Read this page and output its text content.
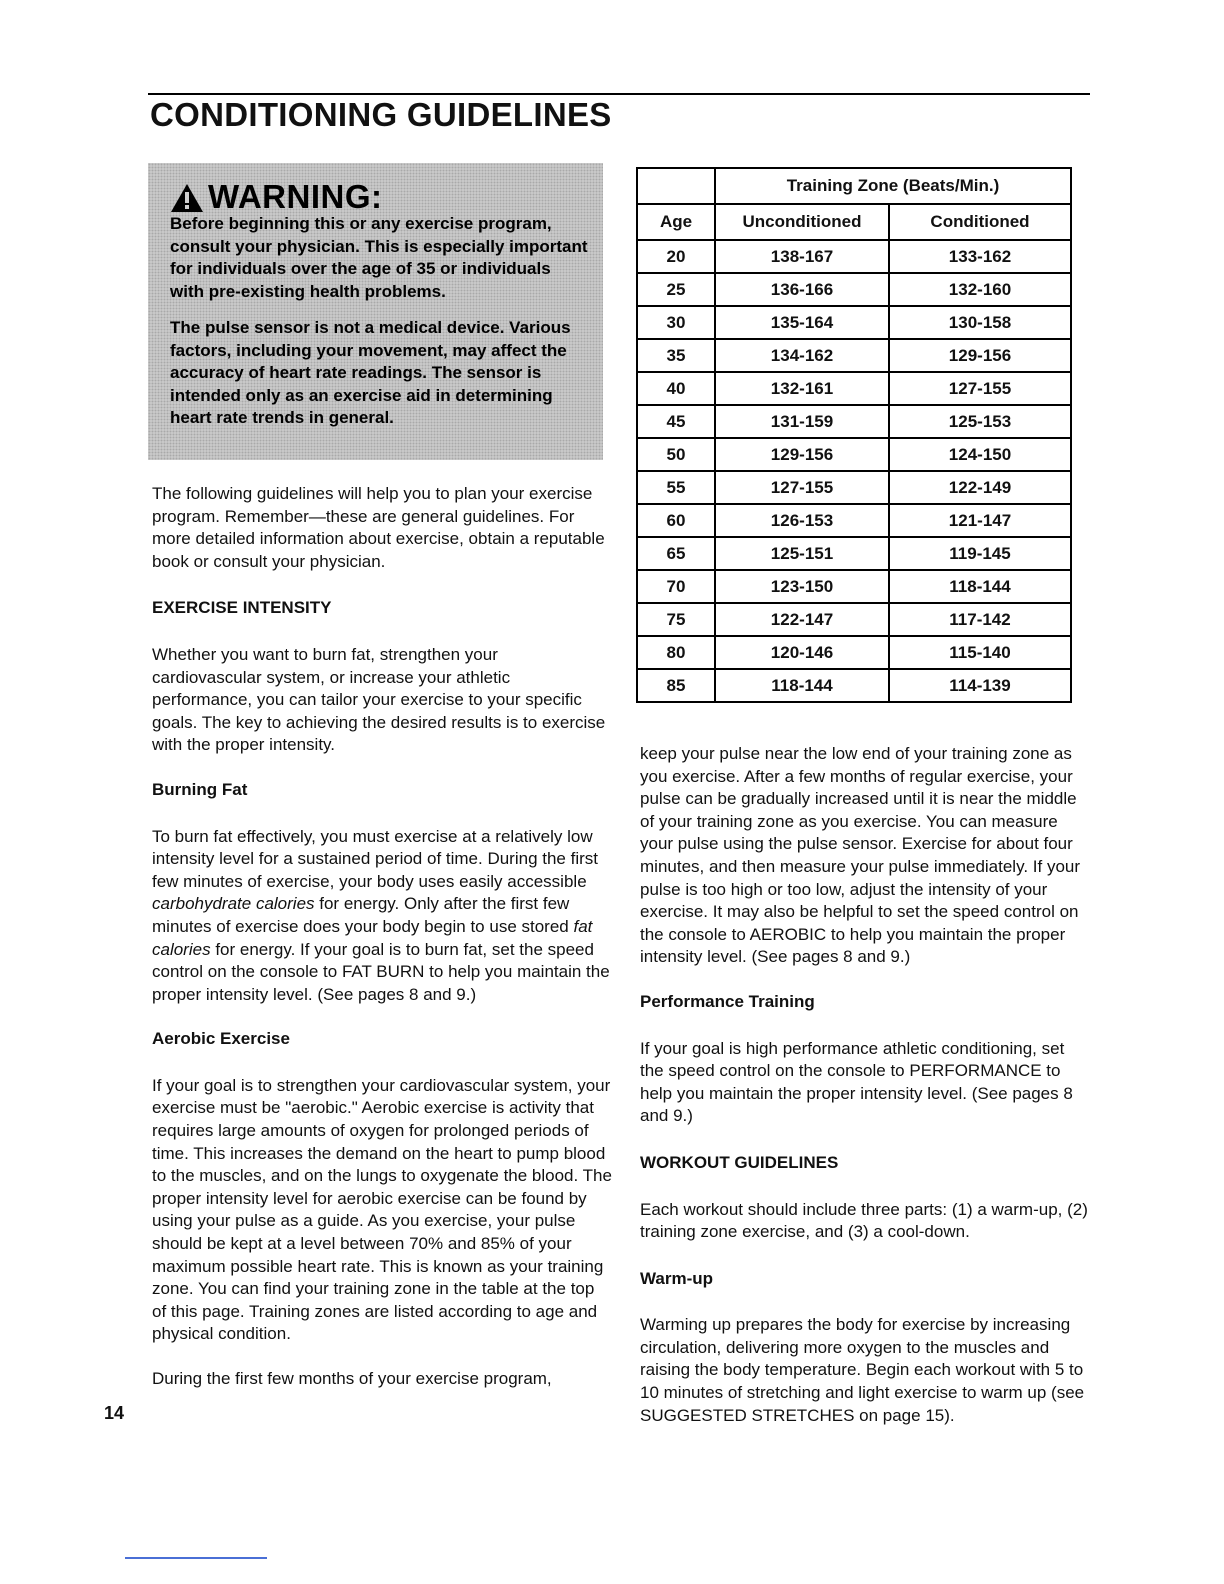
CONDITIONING GUIDELINES
WARNING:

Before beginning this or any exercise program, consult your physician. This is especially important for individuals over the age of 35 or individuals with pre-existing health problems.

The pulse sensor is not a medical device. Various factors, including your movement, may affect the accuracy of heart rate readings. The sensor is intended only as an exercise aid in determining heart rate trends in general.

	Training Zone (Beats/Min.)	
Age	Unconditioned	Conditioned
20	138-167	133-162
25	136-166	132-160
30	135-164	130-158
35	134-162	129-156
40	132-161	127-155
45	131-159	125-153
50	129-156	124-150
55	127-155	122-149
60	126-153	121-147
65	125-151	119-145
70	123-150	118-144
75	122-147	117-142
80	120-146	115-140
85	118-144	114-139

The following guidelines will help you to plan your exercise program. Remember—these are general guidelines. For more detailed information about exercise, obtain a reputable book or consult your physician.

EXERCISE INTENSITY

Whether you want to burn fat, strengthen your cardiovascular system, or increase your athletic performance, you can tailor your exercise to your specific goals. The key to achieving the desired results is to exercise with the proper intensity.

Burning Fat

To burn fat effectively, you must exercise at a relatively low intensity level for a sustained period of time. During the first few minutes of exercise, your body uses easily accessible carbohydrate calories for energy. Only after the first few minutes of exercise does your body begin to use stored fat calories for energy. If your goal is to burn fat, set the speed control on the console to FAT BURN to help you maintain the proper intensity level. (See pages 8 and 9.)

Aerobic Exercise

If your goal is to strengthen your cardiovascular system, your exercise must be "aerobic." Aerobic exercise is activity that requires large amounts of oxygen for prolonged periods of time. This increases the demand on the heart to pump blood to the muscles, and on the lungs to oxygenate the blood. The proper intensity level for aerobic exercise can be found by using your pulse as a guide. As you exercise, your pulse should be kept at a level between 70% and 85% of your maximum possible heart rate. This is known as your training zone. You can find your training zone in the table at the top of this page. Training zones are listed according to age and physical condition.

During the first few months of your exercise program,

keep your pulse near the low end of your training zone as you exercise. After a few months of regular exercise, your pulse can be gradually increased until it is near the middle of your training zone as you exercise. You can measure your pulse using the pulse sensor. Exercise for about four minutes, and then measure your pulse immediately. If your pulse is too high or too low, adjust the intensity of your exercise. It may also be helpful to set the speed control on the console to AEROBIC to help you maintain the proper intensity level. (See pages 8 and 9.)

Performance Training

If your goal is high performance athletic conditioning, set the speed control on the console to PERFORMANCE to help you maintain the proper intensity level. (See pages 8 and 9.)

WORKOUT GUIDELINES

Each workout should include three parts: (1) a warm-up, (2) training zone exercise, and (3) a cool-down.

Warm-up

Warming up prepares the body for exercise by increasing circulation, delivering more oxygen to the muscles and raising the body temperature. Begin each workout with 5 to 10 minutes of stretching and light exercise to warm up (see SUGGESTED STRETCHES on page 15).

14
